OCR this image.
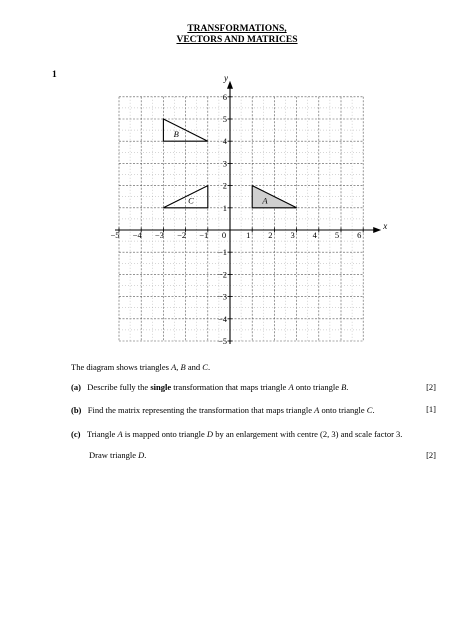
TRANSFORMATIONS,
VECTORS AND MATRICES
1
−5 −4 −3 −2 −1 0 1 2 3 4 5 6
6
5
4
3
2
1
−1
−2
−3
−4
−5
x
y
A
B
C
The diagram shows triangles A, B and C.
(a) Describe fully the single transformation that maps triangle A onto triangle B.	[2]
(b) Find the matrix representing the transformation that maps triangle A onto triangle C.	[1]
(c) Triangle A is mapped onto triangle D by an enlargement with centre (2, 3) and scale factor 3.
Draw triangle D.	[2]
